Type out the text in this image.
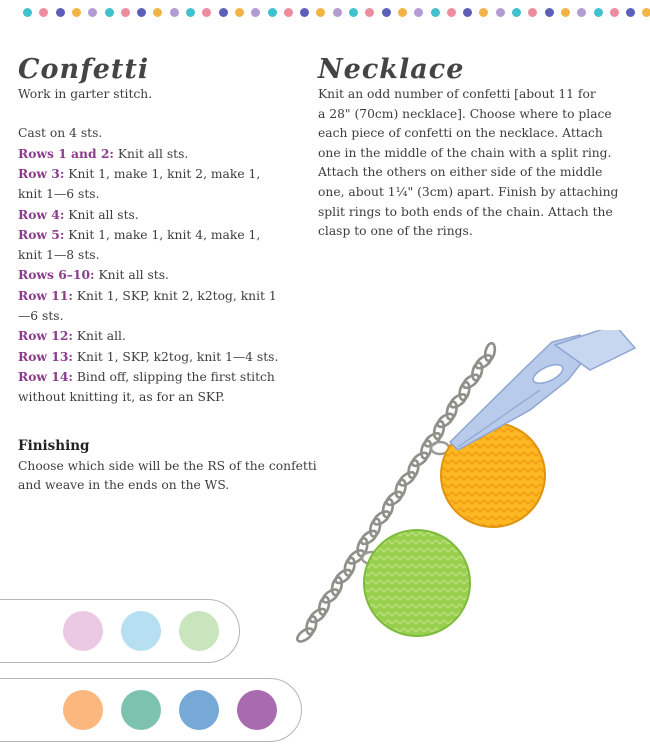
Confetti
Work in garter stitch.
Cast on 4 sts.
Rows 1 and 2: Knit all sts.
Row 3: Knit 1, make 1, knit 2, make 1,
knit 1—6 sts.
Row 4: Knit all sts.
Row 5: Knit 1, make 1, knit 4, make 1,
knit 1—8 sts.
Rows 6–10: Knit all sts.
Row 11: Knit 1, SKP, knit 2, k2tog, knit 1
—6 sts.
Row 12: Knit all.
Row 13: Knit 1, SKP, k2tog, knit 1—4 sts.
Row 14: Bind off, slipping the first stitch
without knitting it, as for an SKP.
Finishing
Choose which side will be the RS of the confetti
and weave in the ends on the WS.
Necklace
Knit an odd number of confetti [about 11 for
a 28" (70cm) necklace]. Choose where to place
each piece of confetti on the necklace. Attach
one in the middle of the chain with a split ring.
Attach the others on either side of the middle
one, about 1¼" (3cm) apart. Finish by attaching
split rings to both ends of the chain. Attach the
clasp to one of the rings.
